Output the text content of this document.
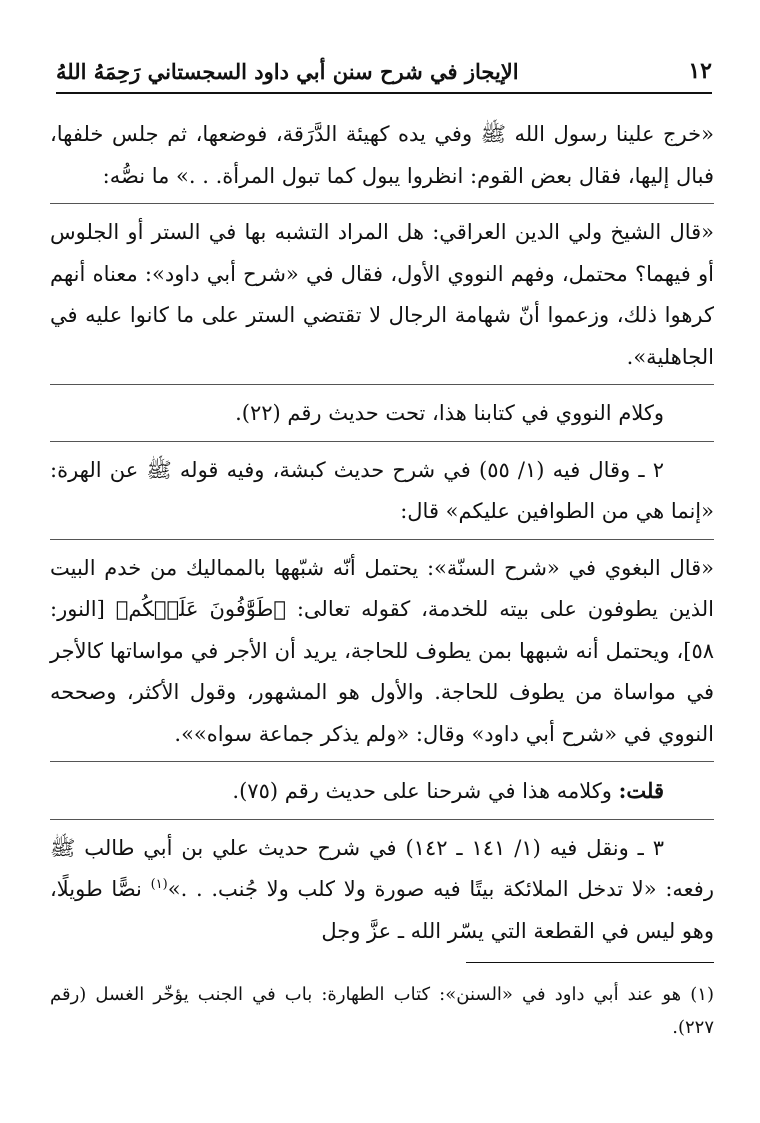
١٢
الإيجاز في شرح سنن أبي داود السجستاني رَحِمَهُ اللهُ

«خرج علينا رسول الله ﷺ وفي يده كهيئة الدَّرَقة، فوضعها، ثم جلس خلفها، فبال إليها، فقال بعض القوم: انظروا يبول كما تبول المرأة. . .» ما نصُّه:

«قال الشيخ ولي الدين العراقي: هل المراد التشبه بها في الستر أو الجلوس أو فيهما؟ محتمل، وفهم النووي الأول، فقال في «شرح أبي داود»: معناه أنهم كرهوا ذلك، وزعموا أنّ شهامة الرجال لا تقتضي الستر على ما كانوا عليه في الجاهلية».

وكلام النووي في كتابنا هذا، تحت حديث رقم (٢٢).

٢ ـ وقال فيه (١/ ٥٥) في شرح حديث كبشة، وفيه قوله ﷺ عن الهرة: «إنما هي من الطوافين عليكم» قال:

«قال البغوي في «شرح السنّة»: يحتمل أنّه شبّهها بالمماليك من خدم البيت الذين يطوفون على بيته للخدمة، كقوله تعالى: ﴿طَوَّٰفُونَ عَلَيۡكُم﴾ [النور: ٥٨]، ويحتمل أنه شبهها بمن يطوف للحاجة، يريد أن الأجر في مواساتها كالأجر في مواساة من يطوف للحاجة. والأول هو المشهور، وقول الأكثر، وصححه النووي في «شرح أبي داود» وقال: «ولم يذكر جماعة سواه»».

قلت: وكلامه هذا في شرحنا على حديث رقم (٧٥).

٣ ـ ونقل فيه (١/ ١٤١ ـ ١٤٢) في شرح حديث علي بن أبي طالب ﷺ رفعه: «لا تدخل الملائكة بيتًا فيه صورة ولا كلب ولا جُنب. . .»$^{(١)}$ نصًّا طويلًا، وهو ليس في القطعة التي يسّر الله ـ عزَّ وجل

(١) هو عند أبي داود في «السنن»: كتاب الطهارة: باب في الجنب يؤخّر الغسل (رقم ٢٢٧).
